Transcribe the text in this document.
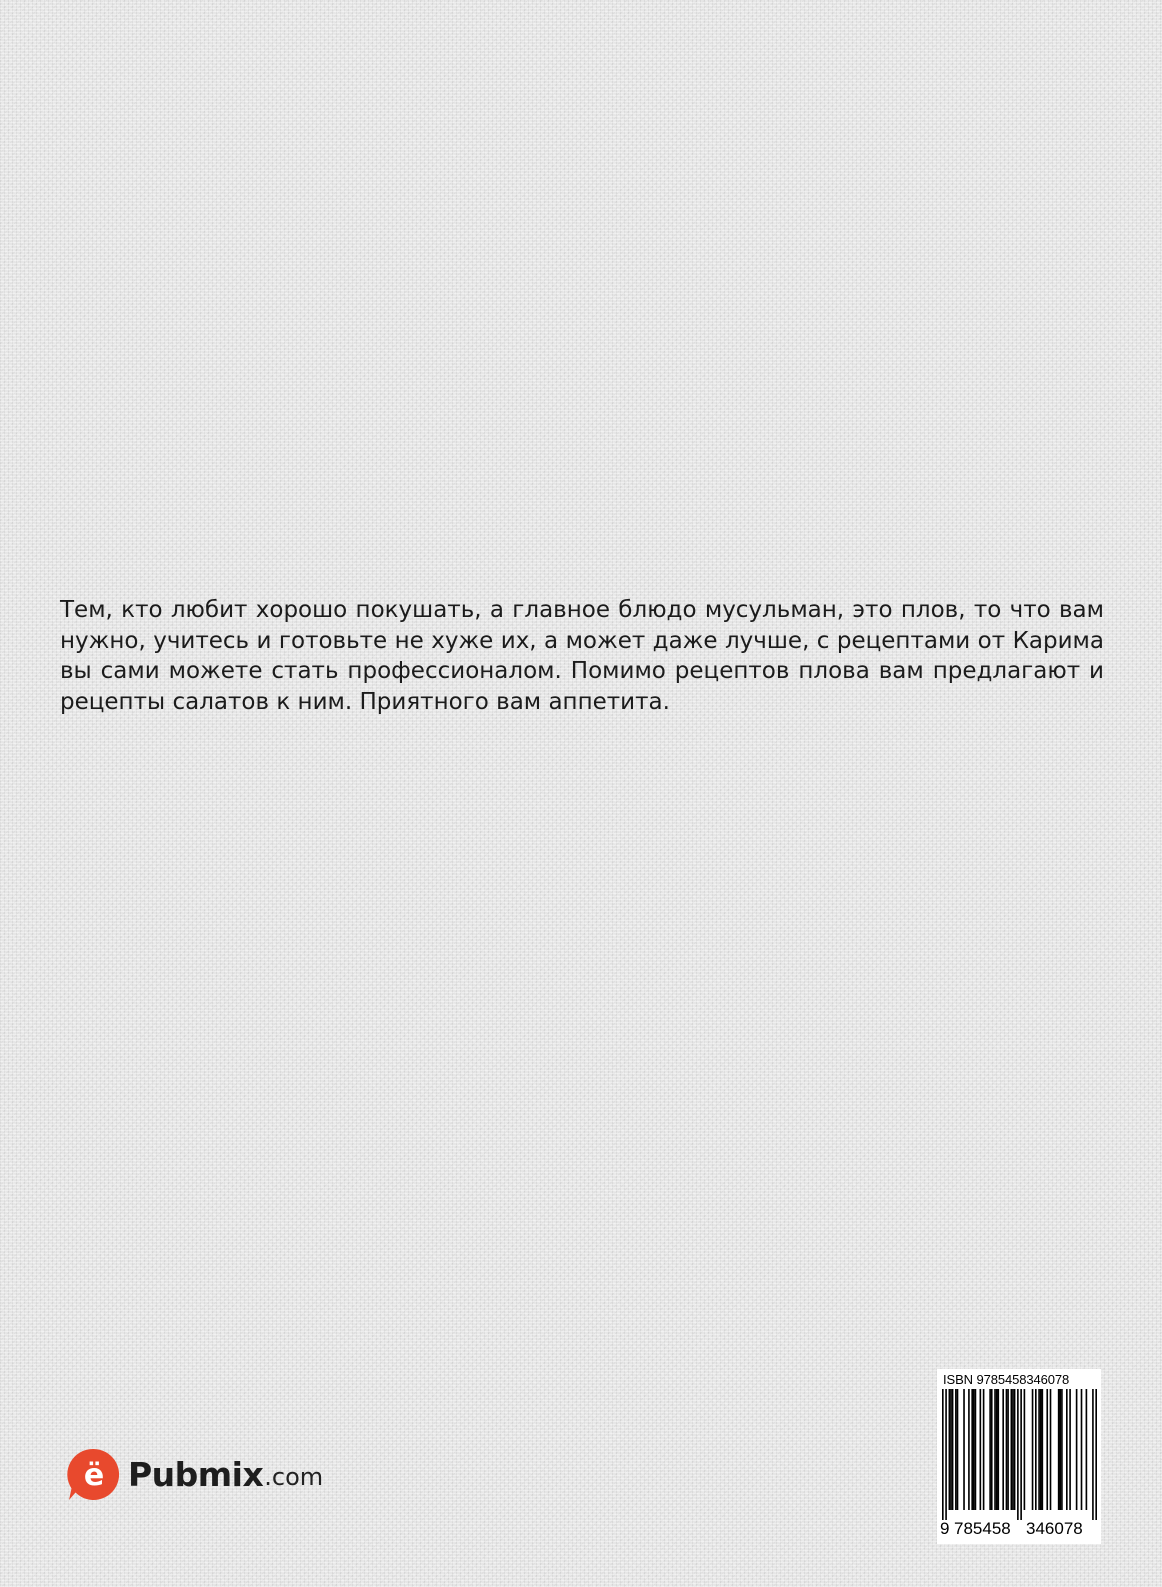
Тем, кто любит хорошо покушать, а главное блюдо мусульман, это плов, то что вам нужно, учитесь и готовьте не хуже их, а может даже лучше, с рецептами от Карима вы сами можете стать профессионалом. Помимо рецептов плова вам предлагают и рецепты салатов к ним. Приятного вам аппетита.

ё Pubmix .com
ISBN 9785458346078
9 785458 346078
